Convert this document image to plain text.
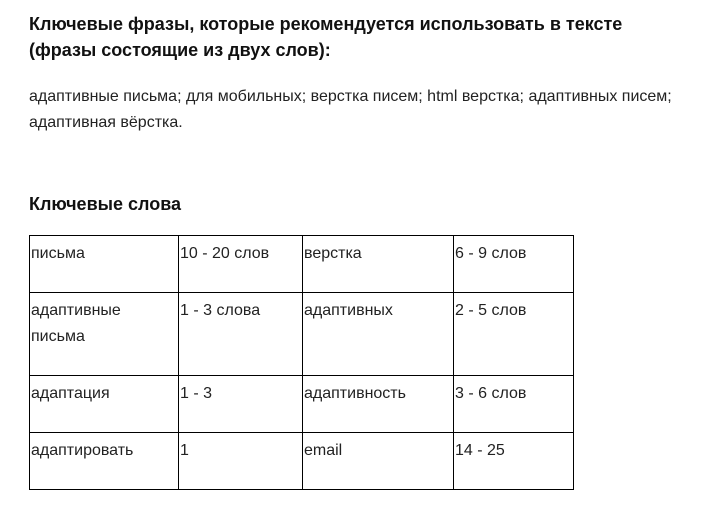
Ключевые фразы, которые рекомендуется использовать в тексте (фразы состоящие из двух слов):

адаптивные письма; для мобильных; верстка писем; html верстка; адаптивных писем; адаптивная вёрстка.

Ключевые слова

письма	10 - 20 слов	верстка	6 - 9 слов
адаптивные письма	1 - 3 слова	адаптивных	2 - 5 слов
адаптация	1 - 3	адаптивность	3 - 6 слов
адаптировать	1	email	14 - 25
